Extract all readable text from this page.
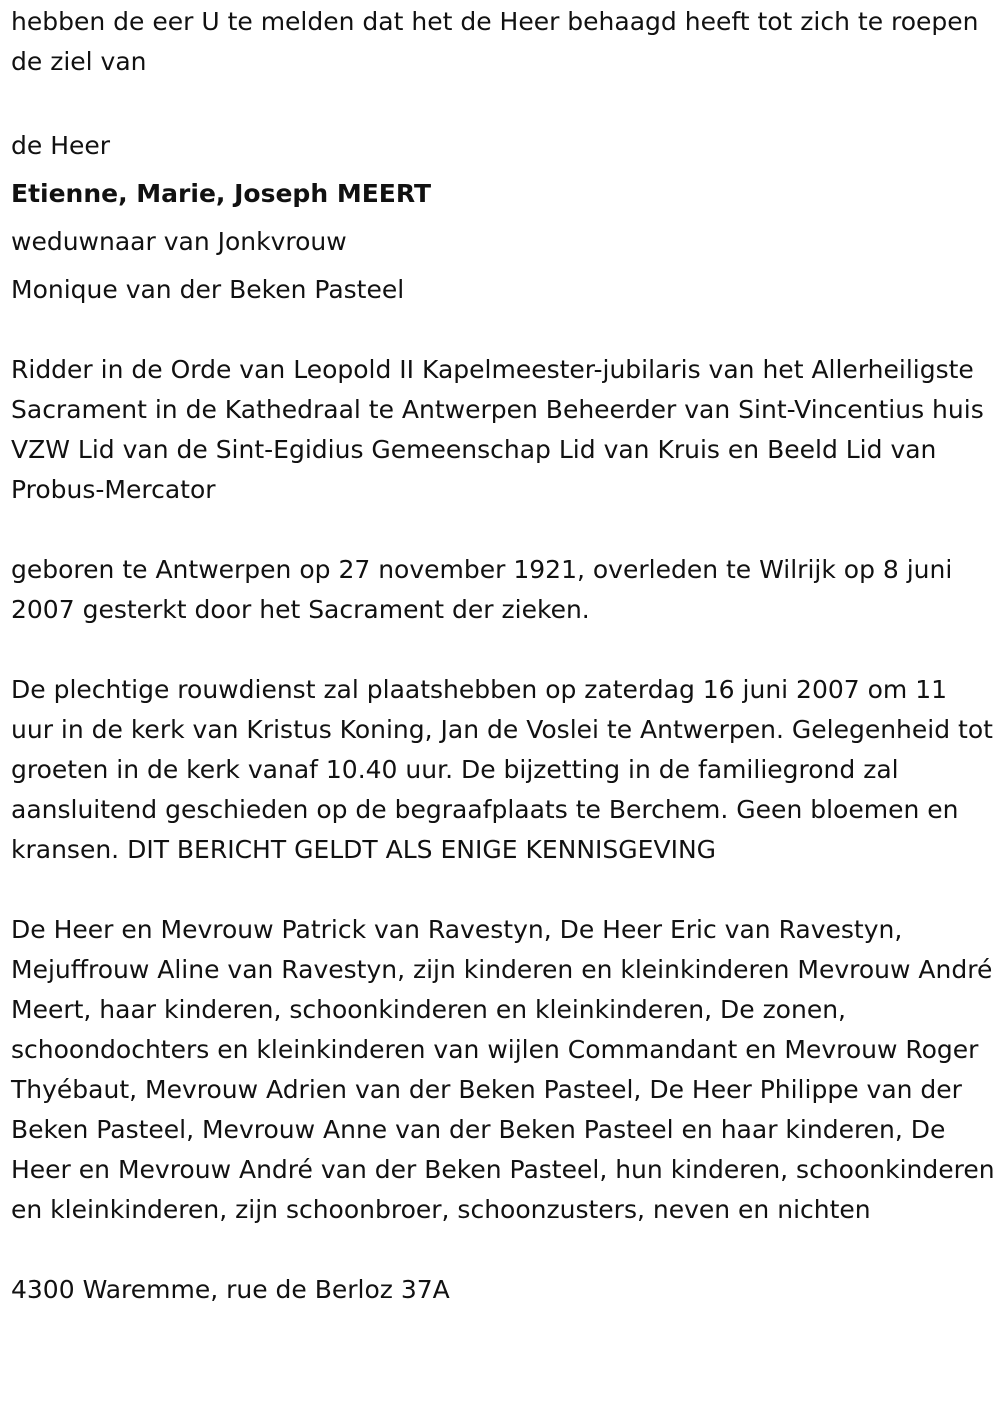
hebben de eer U te melden dat het de Heer behaagd heeft tot zich te roepen de ziel van

de Heer

Etienne, Marie, Joseph MEERT

weduwnaar van Jonkvrouw

Monique van der Beken Pasteel

Ridder in de Orde van Leopold II Kapelmeester-jubilaris van het Allerheiligste Sacrament in de Kathedraal te Antwerpen Beheerder van Sint-Vincentius huis VZW Lid van de Sint-Egidius Gemeenschap Lid van Kruis en Beeld Lid van Probus-Mercator

geboren te Antwerpen op 27 november 1921, overleden te Wilrijk op 8 juni 2007 gesterkt door het Sacrament der zieken.

De plechtige rouwdienst zal plaatshebben op zaterdag 16 juni 2007 om 11 uur in de kerk van Kristus Koning, Jan de Voslei te Antwerpen. Gelegenheid tot groeten in de kerk vanaf 10.40 uur. De bijzetting in de familiegrond zal aansluitend geschieden op de begraafplaats te Berchem. Geen bloemen en kransen. DIT BERICHT GELDT ALS ENIGE KENNISGEVING

De Heer en Mevrouw Patrick van Ravestyn, De Heer Eric van Ravestyn, Mejuffrouw Aline van Ravestyn, zijn kinderen en kleinkinderen Mevrouw André Meert, haar kinderen, schoonkinderen en kleinkinderen, De zonen, schoondochters en kleinkinderen van wijlen Commandant en Mevrouw Roger Thyébaut, Mevrouw Adrien van der Beken Pasteel, De Heer Philippe van der Beken Pasteel, Mevrouw Anne van der Beken Pasteel en haar kinderen, De Heer en Mevrouw André van der Beken Pasteel, hun kinderen, schoonkinderen en kleinkinderen, zijn schoonbroer, schoonzusters, neven en nichten

4300 Waremme, rue de Berloz 37A
